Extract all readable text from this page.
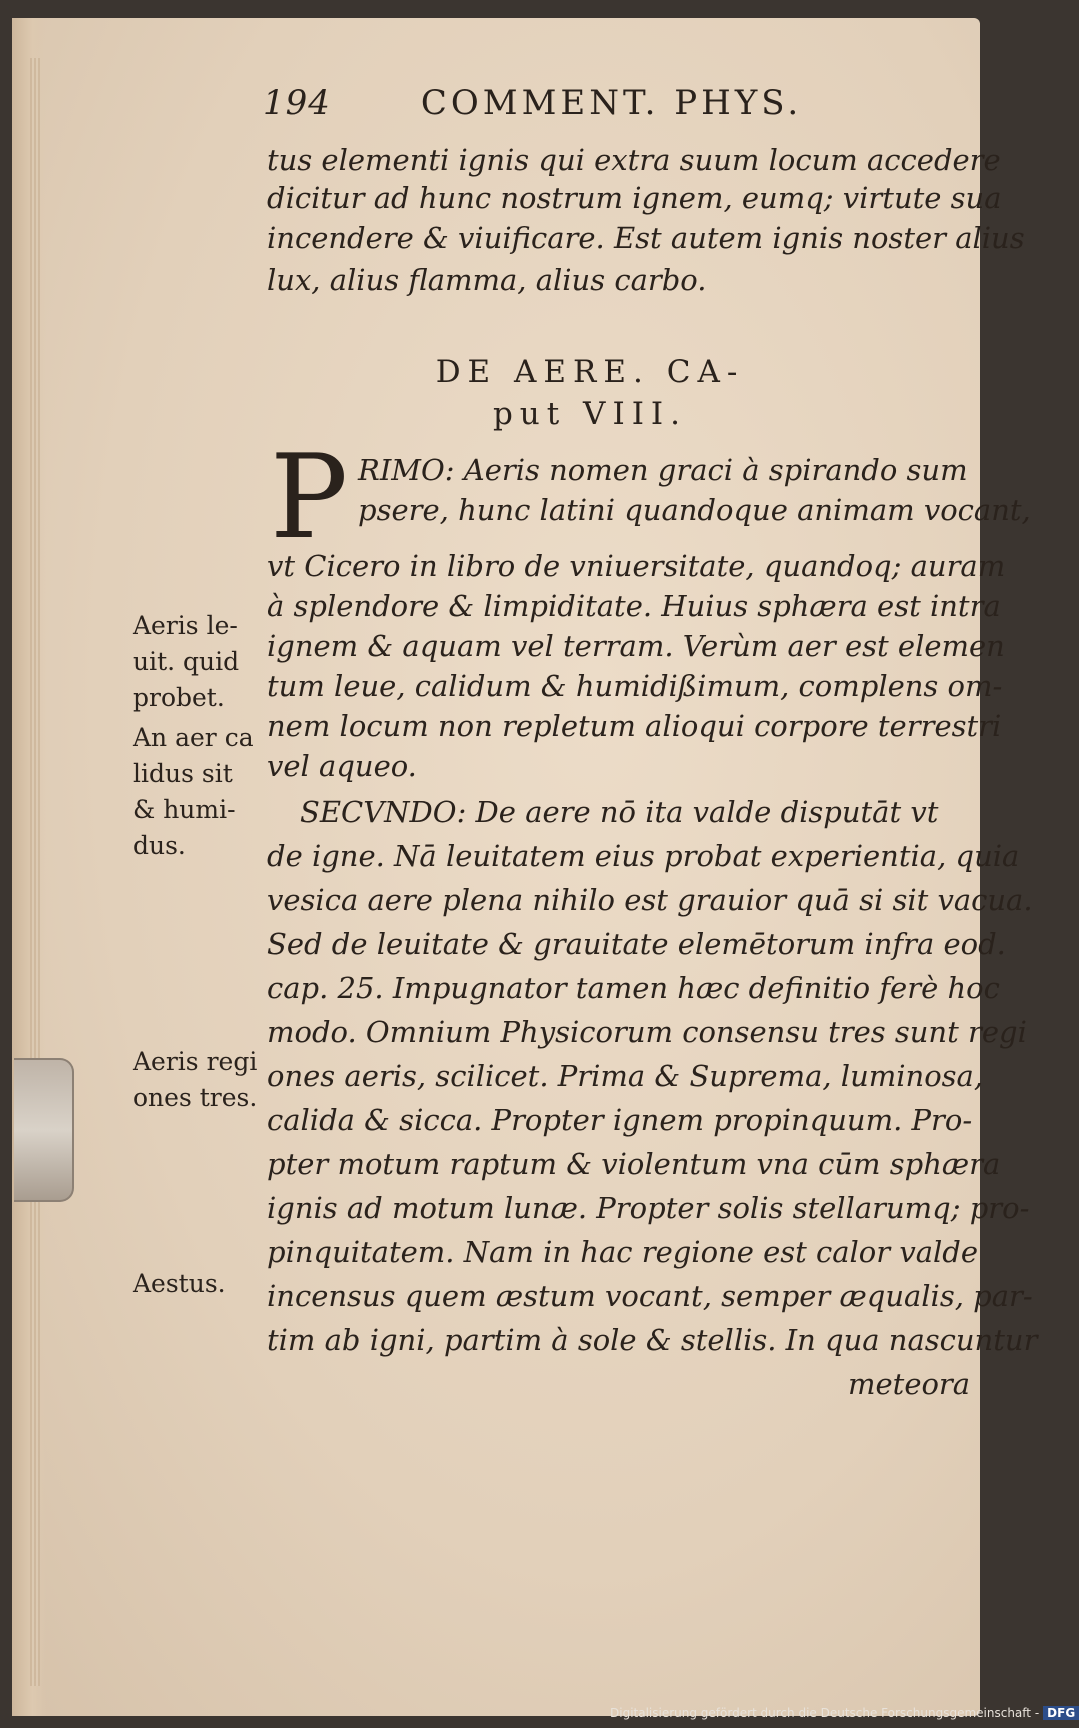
194	COMMENT. PHYS.
tus elementi ignis qui extra suum locum accedere
dicitur ad hunc nostrum ignem, eumq; virtute sua
incendere & viuificare. Est autem ignis noster alius
lux, alius flamma, alius carbo.
DE AERE. CA-
put VIII.
P RIMO: Aeris nomen graci à spirando sum
psere, hunc latini quandoque animam vocant,
vt Cicero in libro de vniuersitate, quandoq; auram
à splendore & limpiditate. Huius sphæra est intra
ignem & aquam vel terram. Verùm aer est elemen
tum leue, calidum & humidißimum, complens om-
nem locum non repletum alioqui corpore terrestri
vel aqueo.
SECVNDO: De aere nō ita valde disputāt vt
de igne. Nā leuitatem eius probat experientia, quia
vesica aere plena nihilo est grauior quā si sit vacua.
Sed de leuitate & grauitate elemētorum infra eod.
cap. 25. Impugnator tamen hæc definitio ferè hoc
modo. Omnium Physicorum consensu tres sunt regi
ones aeris, scilicet. Prima & Suprema, luminosa,
calida & sicca. Propter ignem propinquum. Pro-
pter motum raptum & violentum vna cūm sphæra
ignis ad motum lunæ. Propter solis stellarumq; pro-
pinquitatem. Nam in hac regione est calor valde
incensus quem æstum vocant, semper æqualis, par-
tim ab igni, partim à sole & stellis. In qua nascuntur
meteora
Aeris le-
uit. quid
probet.
An aer ca
lidus sit
& humi-
dus.
Aeris regi
ones tres.
Aestus.
Digitalisierung gefördert durch die Deutsche Forschungsgemeinschaft - DFG
